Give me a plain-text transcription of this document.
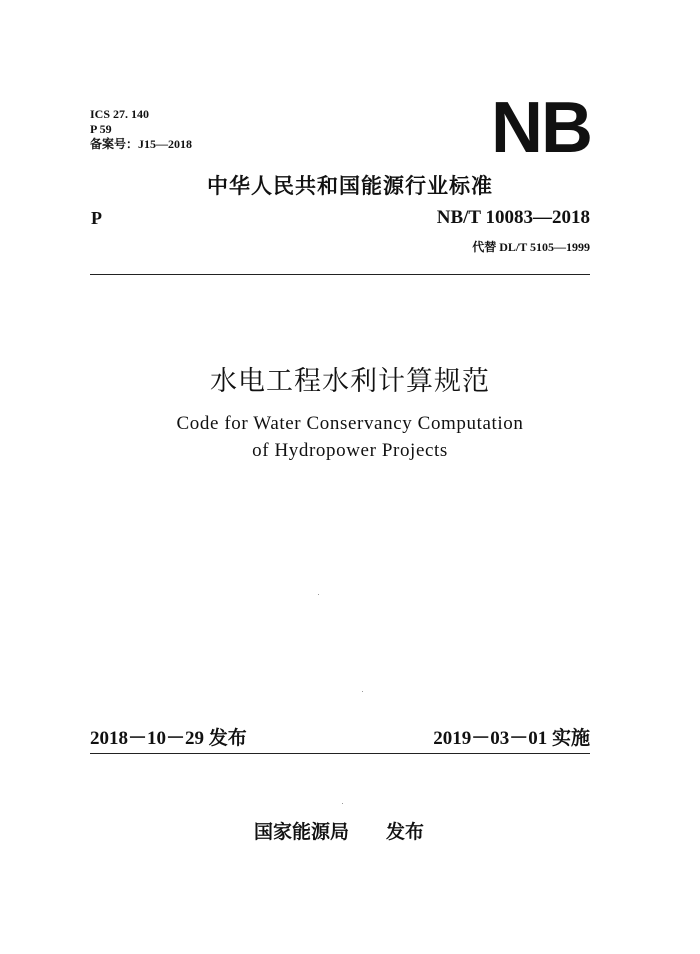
ICS 27. 140
P 59
备案号：J15—2018	NB
中华人民共和国能源行业标准
P	NB/T 10083—2018
代替 DL/T 5105—1999
水电工程水利计算规范
Code for Water Conservancy Computation
of Hydropower Projects
2018－10－29 发布	2019－03－01 实施
国家能源局 发布
